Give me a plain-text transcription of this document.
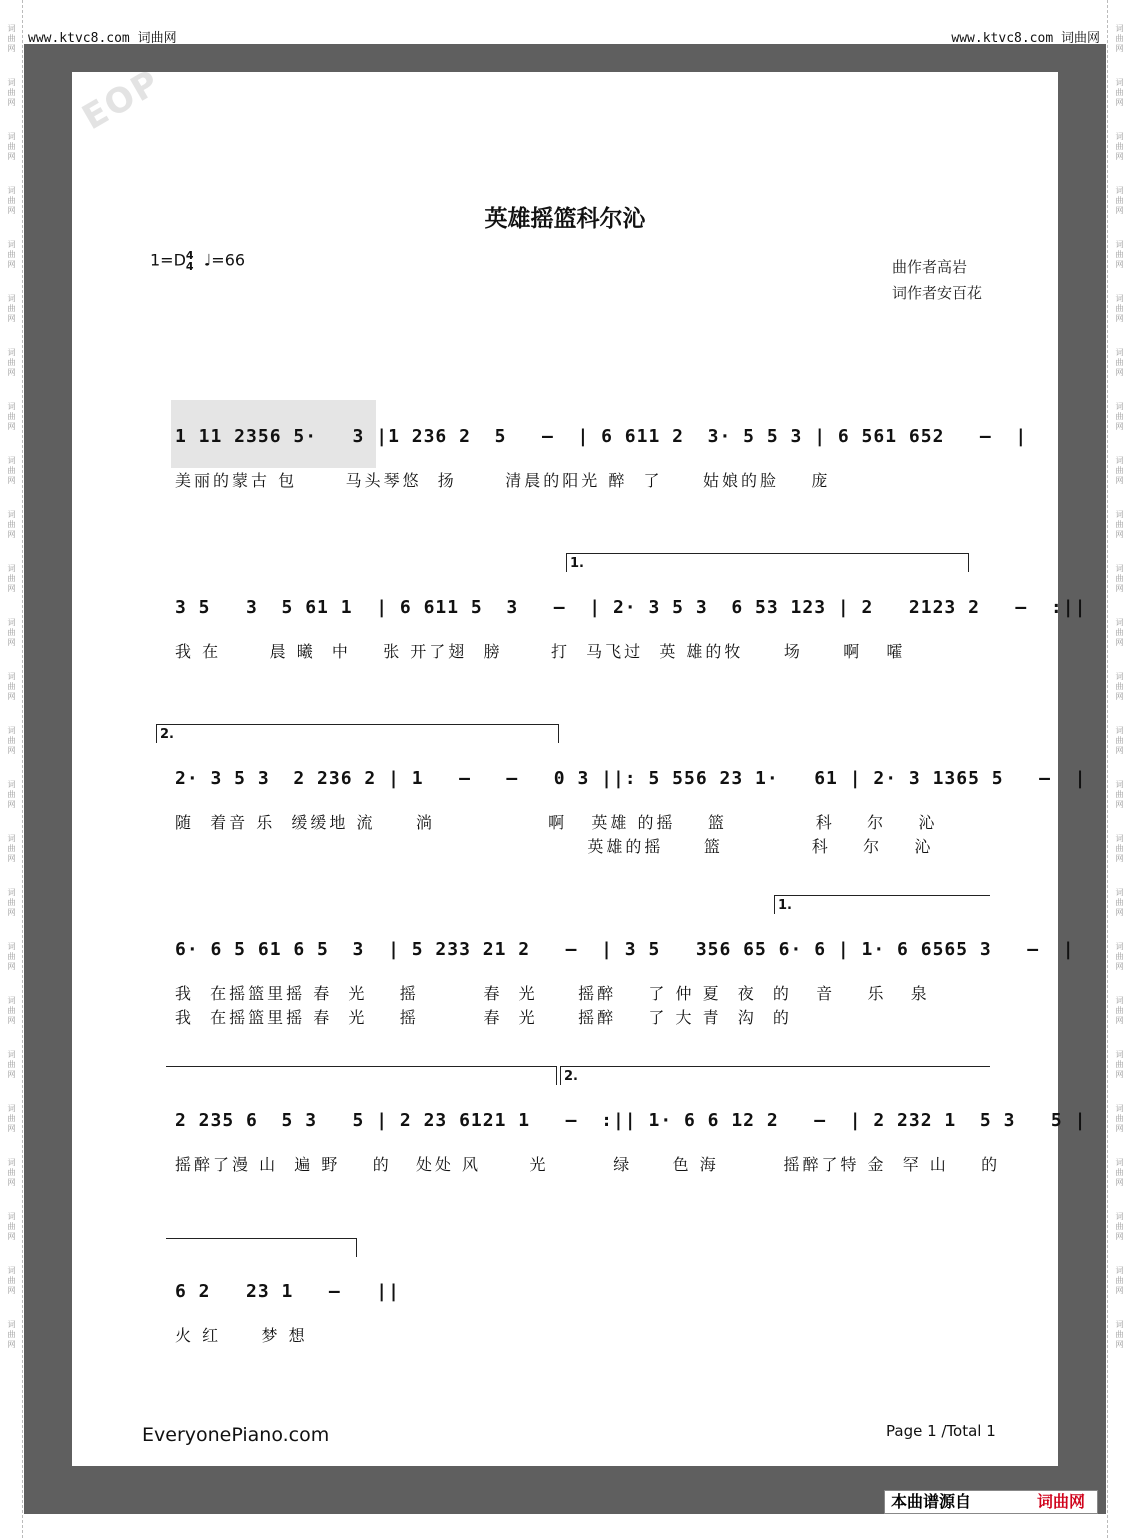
词曲网
词曲网
词曲网
词曲网
词曲网
词曲网
词曲网
词曲网
词曲网
词曲网
词曲网
词曲网
词曲网
词曲网
词曲网
词曲网
词曲网
词曲网
词曲网
词曲网
词曲网
词曲网
词曲网
词曲网
词曲网
词曲网
词曲网
词曲网
词曲网
词曲网
词曲网
词曲网
词曲网
词曲网
词曲网
词曲网
词曲网
词曲网
词曲网
词曲网
词曲网
词曲网
词曲网
词曲网
词曲网
词曲网
词曲网
词曲网
词曲网
词曲网
www.ktvc8.com 词曲网	www.ktvc8.com 词曲网
EOP
英雄摇篮科尔沁
1=D4
4 ♩=66	曲作者高岩
词作者安百花
1.
2.
1.
2.
1 11 2356 5·   3 |1 236 2  5   –  | 6 611 2  3· 5 5 3 | 6 561 652   –  |
美丽的蒙古 包      马头琴悠  扬      清晨的阳光 醉  了     姑娘的脸    庞
3 5   3  5 61 1  | 6 611 5  3   –  | 2· 3 5 3  6 53 123 | 2   2123 2   –  :||
我 在      晨 曦  中    张 开了翅  膀      打  马飞过  英 雄的牧     场     啊   嚯
2· 3 5 3  2 236 2 | 1   –   –   0 3 ||: 5 556 23 1·   61 | 2· 3 1365 5   –  |
随  着音 乐  缓缓地 流     淌              啊   英雄 的摇    篮           科    尔    沁
英雄的摇     篮           科    尔    沁
6· 6 5 61 6 5  3  | 5 233 21 2   –  | 3 5   356 65 6· 6 | 1· 6 6565 3   –  |
我  在摇篮里摇 春  光    摇        春  光     摇醉    了 仲 夏  夜  的   音    乐   泉
我  在摇篮里摇 春  光    摇        春  光     摇醉    了 大 青  沟  的
2 235 6  5 3   5 | 2 23 6121 1   –  :|| 1· 6 6 12 2   –  | 2 232 1  5 3   5 |
摇醉了漫 山  遍 野    的   处处 风      光        绿     色 海        摇醉了特 金  罕 山    的
6 2   23 1   –   ||
火 红     梦 想
EveryonePiano.com	Page 1 /Total 1
本曲谱源自	词曲网
